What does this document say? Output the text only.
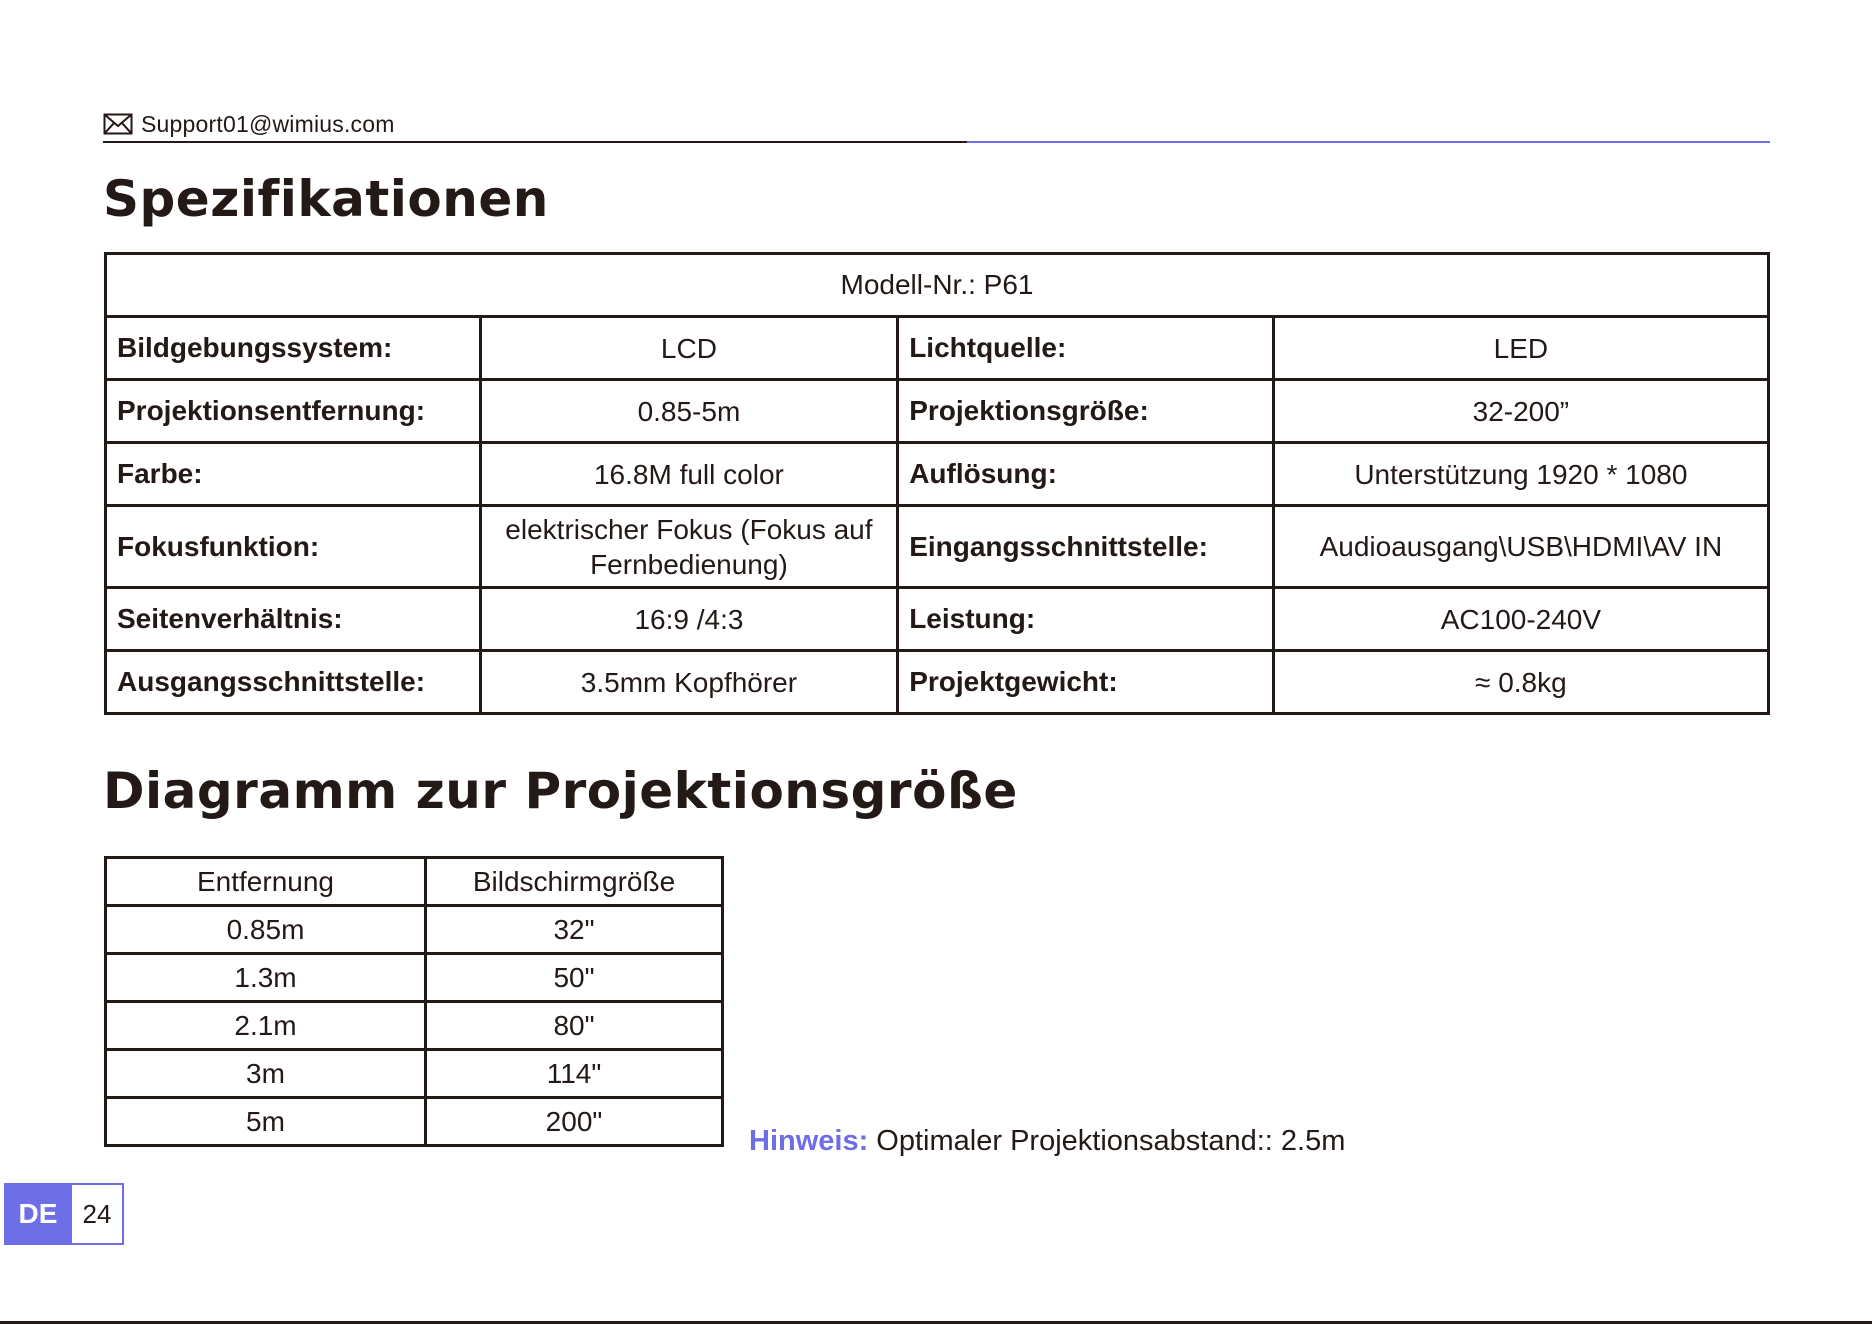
Support01@wimius.com
Spezifikationen
Modell-Nr.: P61			
Bildgebungssystem:	LCD	Lichtquelle:	LED
Projektionsentfernung:	0.85-5m	Projektionsgröße:	32-200”
Farbe:	16.8M full color	Auflösung:	Unterstützung 1920 * 1080
Fokusfunktion:	elektrischer Fokus (Fokus auf Fernbedienung)	Eingangsschnittstelle:	Audioausgang\USB\HDMI\AV IN
Seitenverhältnis:	16:9 /4:3	Leistung:	AC100-240V
Ausgangsschnittstelle:	3.5mm Kopfhörer	Projektgewicht:	≈ 0.8kg
Diagramm zur Projektionsgröße
Entfernung	Bildschirmgröße
0.85m	32"
1.3m	50"
2.1m	80"
3m	114"
5m	200"
Hinweis: Optimaler Projektionsabstand:: 2.5m
DE 24
